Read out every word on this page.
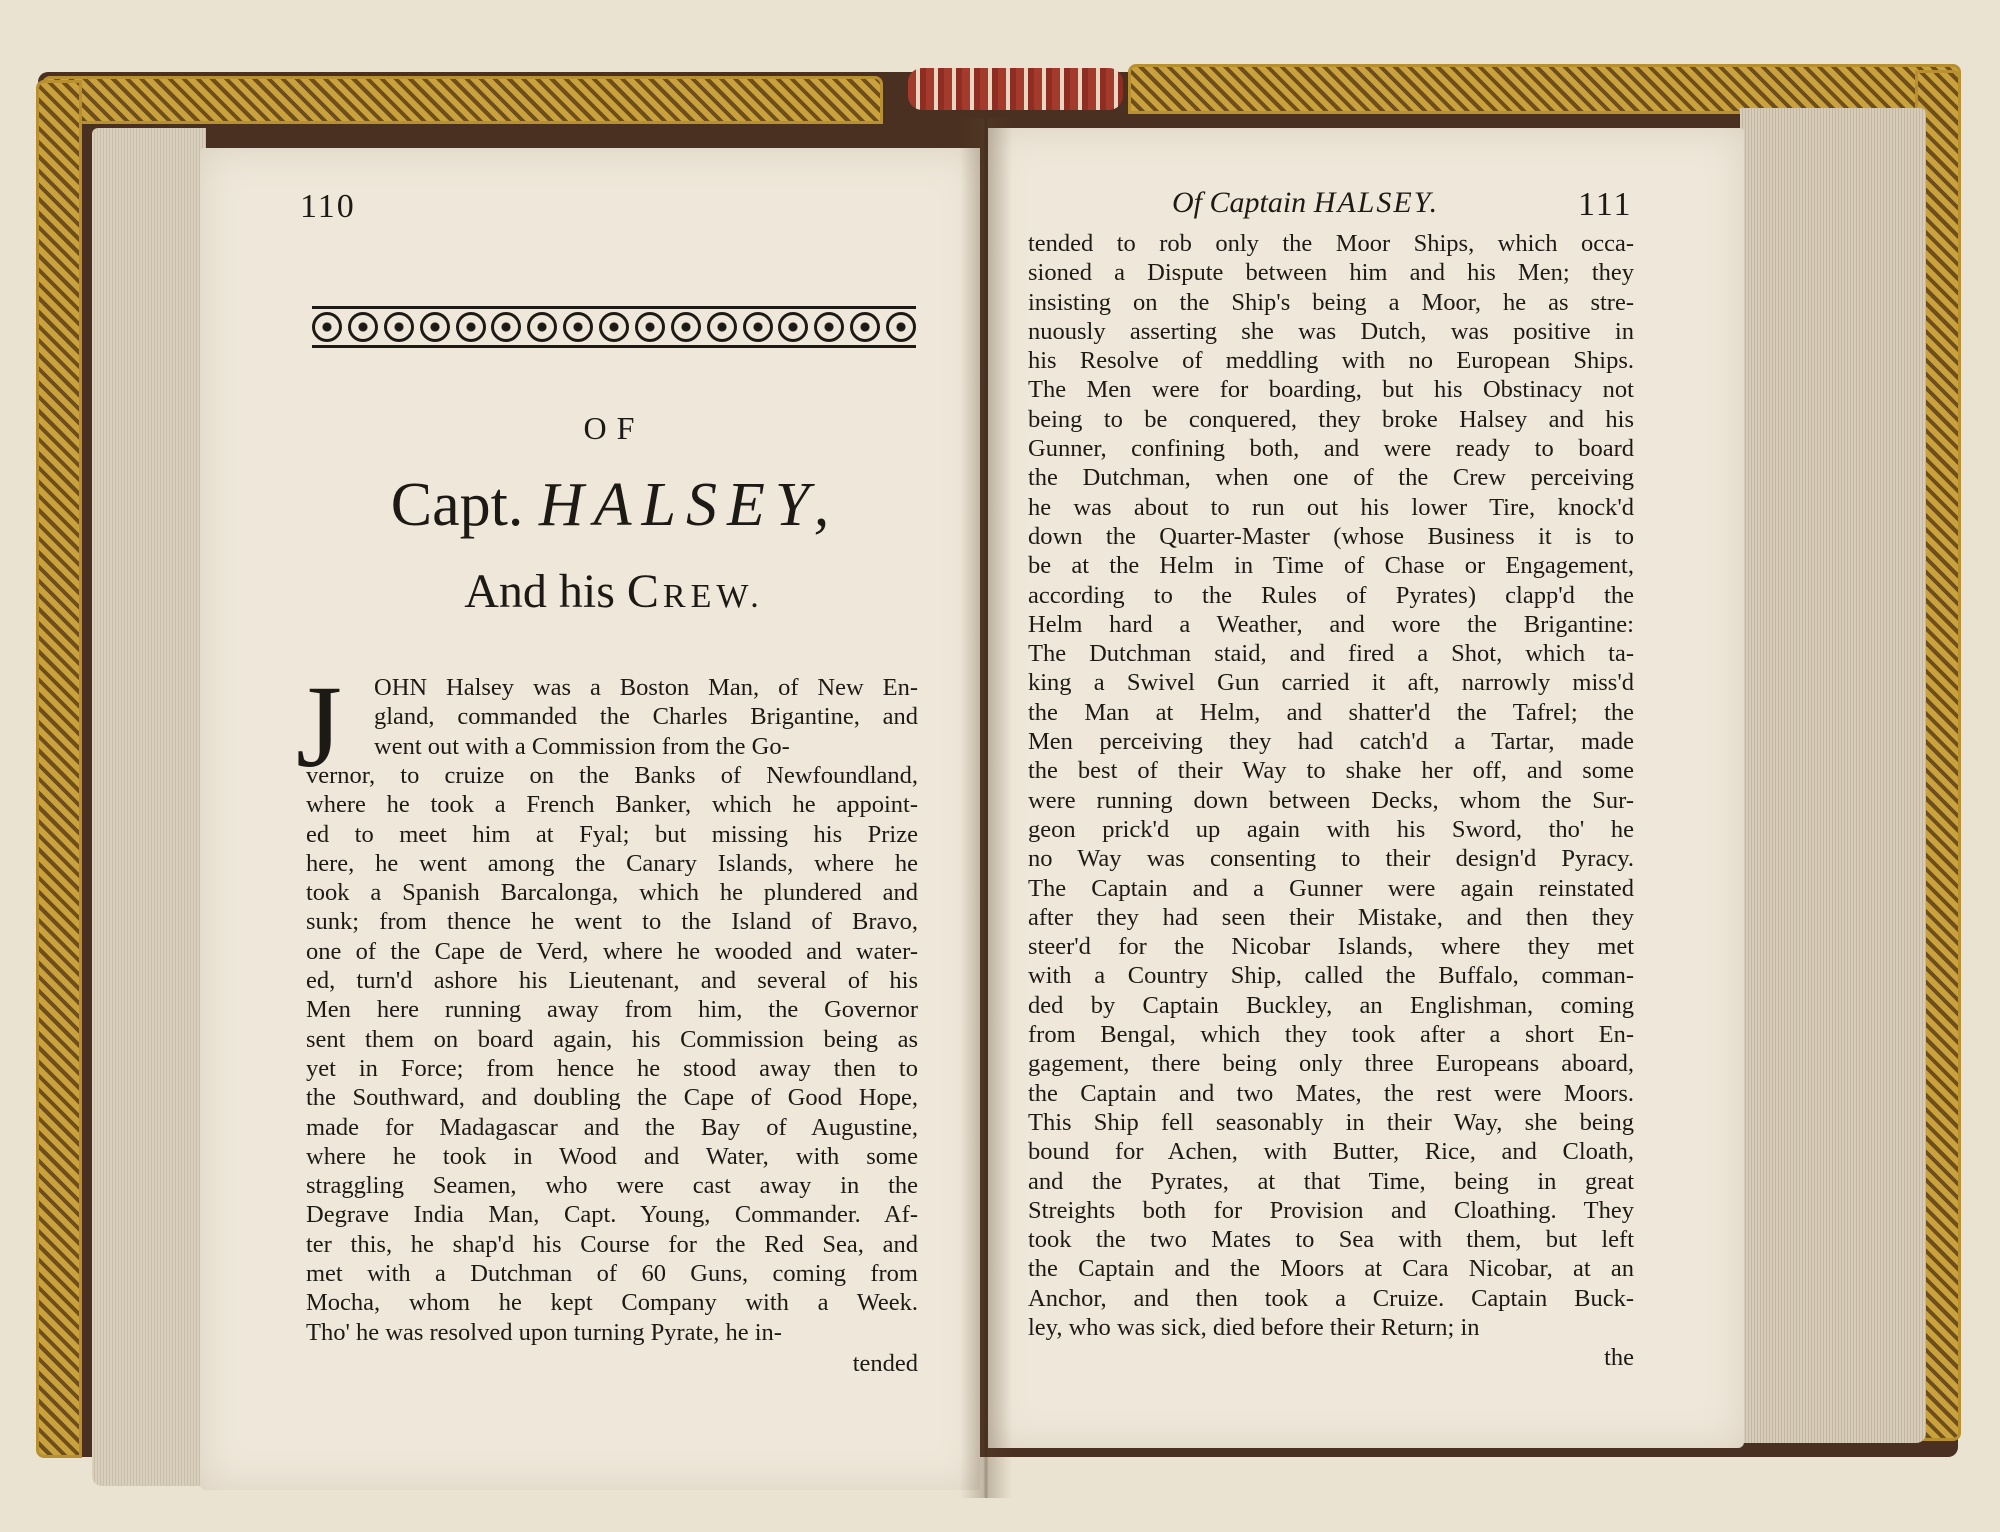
110
OF
Capt. HALSEY,
And his CREW.
J OHN Halsey was a Boston Man, of New En-
gland, commanded the Charles Brigantine, and
went out with a Commission from the Go-
vernor, to cruize on the Banks of Newfoundland,
where he took a French Banker, which he appoint-
ed to meet him at Fyal; but missing his Prize
here, he went among the Canary Islands, where he
took a Spanish Barcalonga, which he plundered and
sunk; from thence he went to the Island of Bravo,
one of the Cape de Verd, where he wooded and water-
ed, turn'd ashore his Lieutenant, and several of his
Men here running away from him, the Governor
sent them on board again, his Commission being as
yet in Force; from hence he stood away then to
the Southward, and doubling the Cape of Good Hope,
made for Madagascar and the Bay of Augustine,
where he took in Wood and Water, with some
straggling Seamen, who were cast away in the
Degrave India Man, Capt. Young, Commander. Af-
ter this, he shap'd his Course for the Red Sea, and
met with a Dutchman of 60 Guns, coming from
Mocha, whom he kept Company with a Week.
Tho' he was resolved upon turning Pyrate, he in-
tended
Of Captain HALSEY.	111
tended to rob only the Moor Ships, which occa-
sioned a Dispute between him and his Men; they
insisting on the Ship's being a Moor, he as stre-
nuously asserting she was Dutch, was positive in
his Resolve of meddling with no European Ships.
The Men were for boarding, but his Obstinacy not
being to be conquered, they broke Halsey and his
Gunner, confining both, and were ready to board
the Dutchman, when one of the Crew perceiving
he was about to run out his lower Tire, knock'd
down the Quarter-Master (whose Business it is to
be at the Helm in Time of Chase or Engagement,
according to the Rules of Pyrates) clapp'd the
Helm hard a Weather, and wore the Brigantine:
The Dutchman staid, and fired a Shot, which ta-
king a Swivel Gun carried it aft, narrowly miss'd
the Man at Helm, and shatter'd the Tafrel; the
Men perceiving they had catch'd a Tartar, made
the best of their Way to shake her off, and some
were running down between Decks, whom the Sur-
geon prick'd up again with his Sword, tho' he
no Way was consenting to their design'd Pyracy.
The Captain and a Gunner were again reinstated
after they had seen their Mistake, and then they
steer'd for the Nicobar Islands, where they met
with a Country Ship, called the Buffalo, comman-
ded by Captain Buckley, an Englishman, coming
from Bengal, which they took after a short En-
gagement, there being only three Europeans aboard,
the Captain and two Mates, the rest were Moors.
This Ship fell seasonably in their Way, she being
bound for Achen, with Butter, Rice, and Cloath,
and the Pyrates, at that Time, being in great
Streights both for Provision and Cloathing. They
took the two Mates to Sea with them, but left
the Captain and the Moors at Cara Nicobar, at an
Anchor, and then took a Cruize. Captain Buck-
ley, who was sick, died before their Return; in
the
